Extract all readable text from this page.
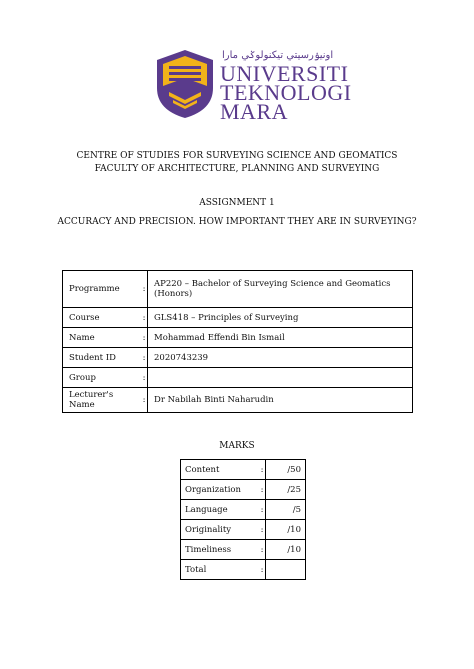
اونيۏرسيتي تيکنولوݢي مارا
UNIVERSITI
TEKNOLOGI
MARA
CENTRE OF STUDIES FOR SURVEYING SCIENCE AND GEOMATICS
FACULTY OF ARCHITECTURE, PLANNING AND SURVEYING
ASSIGNMENT 1
ACCURACY AND PRECISION. HOW IMPORTANT THEY ARE IN SURVEYING?
Programme	:	AP220 – Bachelor of Surveying Science and Geomatics (Honors)
Course	:	GLS418 – Principles of Surveying
Name	:	Mohammad Effendi Bin Ismail
Student ID	:	2020743239
Group	:	
Lecturer's Name	:	Dr Nabilah Binti Naharudin
MARKS
Content	:	/50
Organization	:	/25
Language	:	/5
Originality	:	/10
Timeliness	:	/10
Total	:	
